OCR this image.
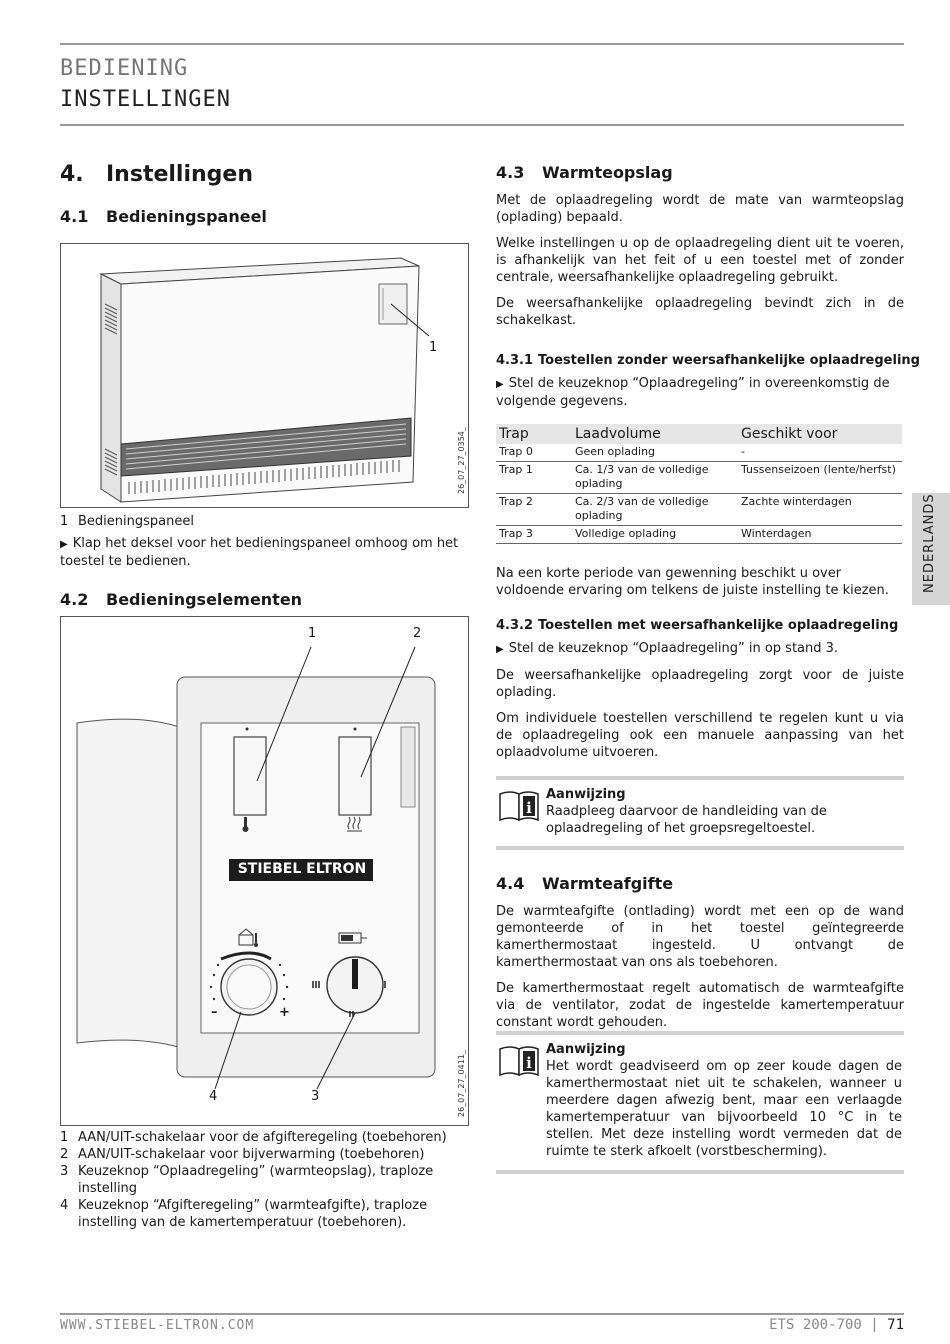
BEDIENING
INSTELLINGEN
4. Instellingen
4.1 Bedieningspaneel
1
26_07_27_0354_
1 Bedieningspaneel
▶ Klap het deksel voor het bedieningspaneel omhoog om het toestel te bedienen.
4.2 Bedieningselementen
1	2
STIEBEL ELTRON
–	+
4	3	26_07_27_0411_
1 AAN/UIT-schakelaar voor de afgifteregeling (toebehoren)
2 AAN/UIT-schakelaar voor bijverwarming (toebehoren)
3 Keuzeknop “Oplaadregeling” (warmteopslag), traploze instelling
4 Keuzeknop “Afgifteregeling” (warmteafgifte), traploze instelling van de kamertemperatuur (toebehoren).
4.3 Warmteopslag

Met de oplaadregeling wordt de mate van warmteopslag (oplading) bepaald.

Welke instellingen u op de oplaadregeling dient uit te voeren, is afhankelijk van het feit of u een toestel met of zonder centrale, weersafhankelijke oplaadregeling gebruikt.

De weersafhankelijke oplaadregeling bevindt zich in de schakelkast.

4.3.1 Toestellen zonder weersafhankelijke oplaadregeling
▶ Stel de keuzeknop “Oplaadregeling” in overeenkomstig de volgende gegevens.
Trap	Laadvolume	Geschikt voor
Trap 0	Geen oplading	-
Trap 1	Ca. 1/3 van de volledige oplading	Tussenseizoen (lente/herfst)
Trap 2	Ca. 2/3 van de volledige oplading	Zachte winterdagen
Trap 3	Volledige oplading	Winterdagen
Na een korte periode van gewenning beschikt u over voldoende ervaring om telkens de juiste instelling te kiezen.
4.3.2 Toestellen met weersafhankelijke oplaadregeling
▶ Stel de keuzeknop “Oplaadregeling” in op stand 3.

De weersafhankelijke oplaadregeling zorgt voor de juiste oplading.

Om individuele toestellen verschillend te regelen kunt u via de oplaadregeling ook een manuele aanpassing van het oplaadvolume uitvoeren.

i
Aanwijzing
Raadpleeg daarvoor de handleiding van de oplaadregeling of het groepsregeltoestel.
4.4 Warmteafgifte

De warmteafgifte (ontlading) wordt met een op de wand gemonteerde of in het toestel geïntegreerde kamerthermostaat ingesteld. U ontvangt de kamerthermostaat van ons als toebehoren.

De kamerthermostaat regelt automatisch de warmteafgifte via de ventilator, zodat de ingestelde kamertemperatuur constant wordt gehouden.

i
Aanwijzing
Het wordt geadviseerd om op zeer koude dagen de kamerthermostaat niet uit te schakelen, wanneer u meerdere dagen afwezig bent, maar een verlaagde kamertemperatuur van bijvoorbeeld 10 °C in te stellen. Met deze instelling wordt vermeden dat de ruimte te sterk afkoelt (vorstbescherming).
NEDERLANDS
WWW.STIEBEL-ELTRON.COM	ETS 200-700 | 71
